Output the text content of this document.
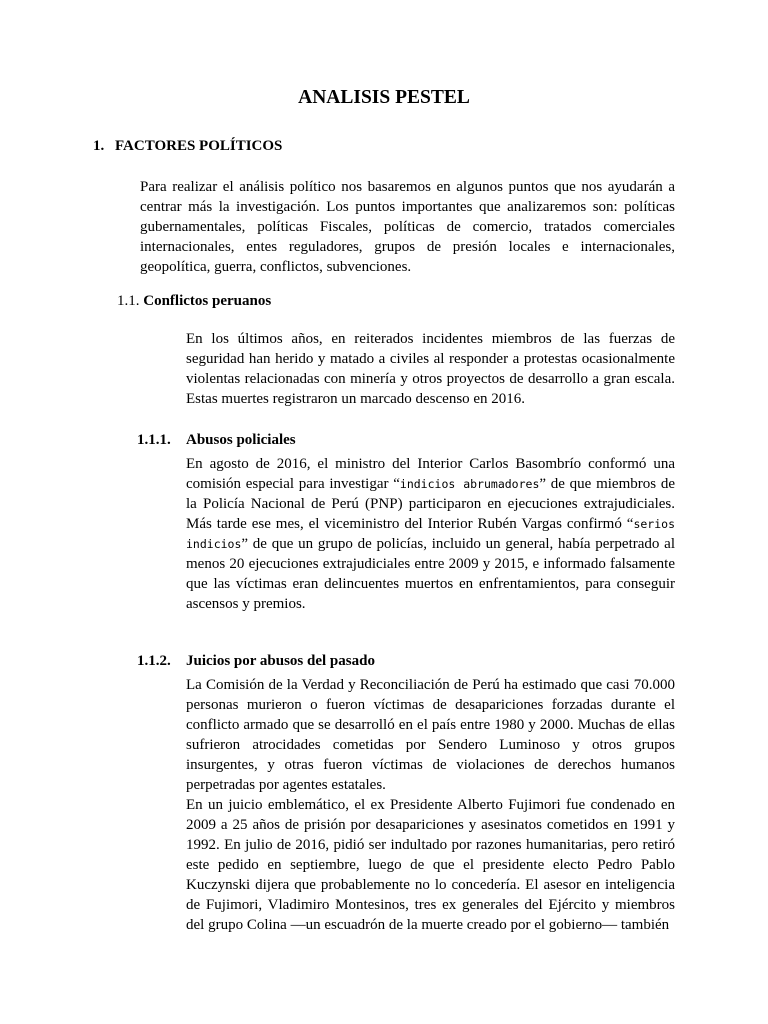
ANALISIS PESTEL
1. FACTORES POLÍTICOS

Para realizar el análisis político nos basaremos en algunos puntos que nos ayudarán a centrar más la investigación. Los puntos importantes que analizaremos son: políticas gubernamentales, políticas Fiscales, políticas de comercio, tratados comerciales internacionales, entes reguladores, grupos de presión locales e internacionales, geopolítica, guerra, conflictos, subvenciones.

1.1. Conflictos peruanos

En los últimos años, en reiterados incidentes miembros de las fuerzas de seguridad han herido y matado a civiles al responder a protestas ocasionalmente violentas relacionadas con minería y otros proyectos de desarrollo a gran escala. Estas muertes registraron un marcado descenso en 2016.

1.1.1. Abusos policiales

En agosto de 2016, el ministro del Interior Carlos Basombrío conformó una comisión especial para investigar “indicios abrumadores” de que miembros de la Policía Nacional de Perú (PNP) participaron en ejecuciones extrajudiciales. Más tarde ese mes, el viceministro del Interior Rubén Vargas confirmó “serios indicios” de que un grupo de policías, incluido un general, había perpetrado al menos 20 ejecuciones extrajudiciales entre 2009 y 2015, e informado falsamente que las víctimas eran delincuentes muertos en enfrentamientos, para conseguir ascensos y premios.

1.1.2. Juicios por abusos del pasado

La Comisión de la Verdad y Reconciliación de Perú ha estimado que casi 70.000 personas murieron o fueron víctimas de desapariciones forzadas durante el conflicto armado que se desarrolló en el país entre 1980 y 2000. Muchas de ellas sufrieron atrocidades cometidas por Sendero Luminoso y otros grupos insurgentes, y otras fueron víctimas de violaciones de derechos humanos perpetradas por agentes estatales.

En un juicio emblemático, el ex Presidente Alberto Fujimori fue condenado en 2009 a 25 años de prisión por desapariciones y asesinatos cometidos en 1991 y 1992. En julio de 2016, pidió ser indultado por razones humanitarias, pero retiró este pedido en septiembre, luego de que el presidente electo Pedro Pablo Kuczynski dijera que probablemente no lo concedería. El asesor en inteligencia de Fujimori, Vladimiro Montesinos, tres ex generales del Ejército y miembros del grupo Colina —un escuadrón de la muerte creado por el gobierno— también
